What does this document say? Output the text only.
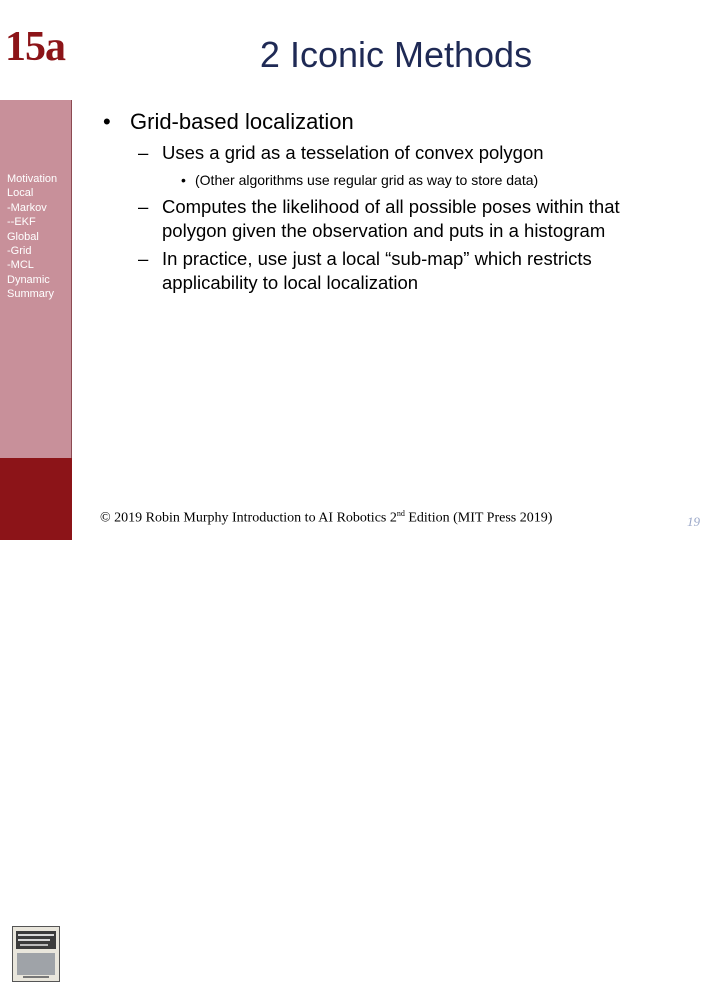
15a
Motivation
Local
-Markov
--EKF
Global
-Grid
-MCL
Dynamic
Summary
2 Iconic Methods
• Grid-based localization
– Uses a grid as a tesselation of convex polygon
• (Other algorithms use regular grid as way to store data)
– Computes the likelihood of all possible poses within that
polygon given the observation and puts in a histogram
– In practice, use just a local “sub-map” which restricts
applicability to local localization
© 2019 Robin Murphy Introduction to AI Robotics 2nd Edition (MIT Press 2019)	19
